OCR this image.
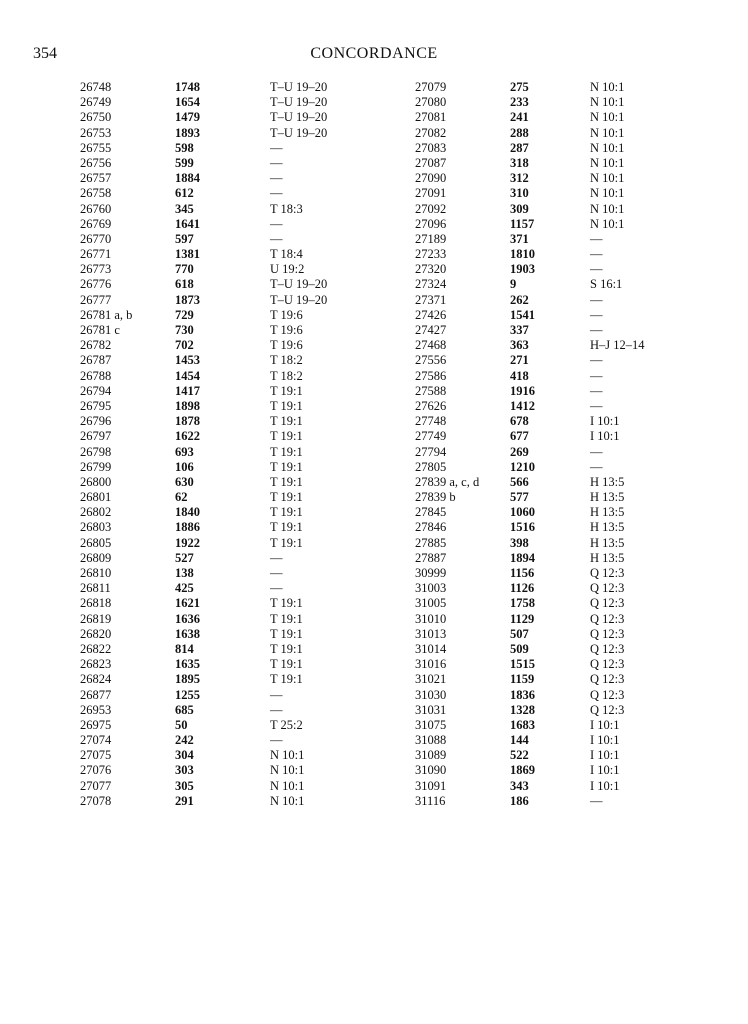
354	CONCORDANCE
26748	1748	T–U 19–20
26749	1654	T–U 19–20
26750	1479	T–U 19–20
26753	1893	T–U 19–20
26755	598	—
26756	599	—
26757	1884	—
26758	612	—
26760	345	T 18:3
26769	1641	—
26770	597	—
26771	1381	T 18:4
26773	770	U 19:2
26776	618	T–U 19–20
26777	1873	T–U 19–20
26781 a, b	729	T 19:6
26781 c	730	T 19:6
26782	702	T 19:6
26787	1453	T 18:2
26788	1454	T 18:2
26794	1417	T 19:1
26795	1898	T 19:1
26796	1878	T 19:1
26797	1622	T 19:1
26798	693	T 19:1
26799	106	T 19:1
26800	630	T 19:1
26801	62	T 19:1
26802	1840	T 19:1
26803	1886	T 19:1
26805	1922	T 19:1
26809	527	—
26810	138	—
26811	425	—
26818	1621	T 19:1
26819	1636	T 19:1
26820	1638	T 19:1
26822	814	T 19:1
26823	1635	T 19:1
26824	1895	T 19:1
26877	1255	—
26953	685	—
26975	50	T 25:2
27074	242	—
27075	304	N 10:1
27076	303	N 10:1
27077	305	N 10:1
27078	291	N 10:1
27079	275	N 10:1
27080	233	N 10:1
27081	241	N 10:1
27082	288	N 10:1
27083	287	N 10:1
27087	318	N 10:1
27090	312	N 10:1
27091	310	N 10:1
27092	309	N 10:1
27096	1157	N 10:1
27189	371	—
27233	1810	—
27320	1903	—
27324	9	S 16:1
27371	262	—
27426	1541	—
27427	337	—
27468	363	H–J 12–14
27556	271	—
27586	418	—
27588	1916	—
27626	1412	—
27748	678	I 10:1
27749	677	I 10:1
27794	269	—
27805	1210	—
27839 a, c, d	566	H 13:5
27839 b	577	H 13:5
27845	1060	H 13:5
27846	1516	H 13:5
27885	398	H 13:5
27887	1894	H 13:5
30999	1156	Q 12:3
31003	1126	Q 12:3
31005	1758	Q 12:3
31010	1129	Q 12:3
31013	507	Q 12:3
31014	509	Q 12:3
31016	1515	Q 12:3
31021	1159	Q 12:3
31030	1836	Q 12:3
31031	1328	Q 12:3
31075	1683	I 10:1
31088	144	I 10:1
31089	522	I 10:1
31090	1869	I 10:1
31091	343	I 10:1
31116	186	—
